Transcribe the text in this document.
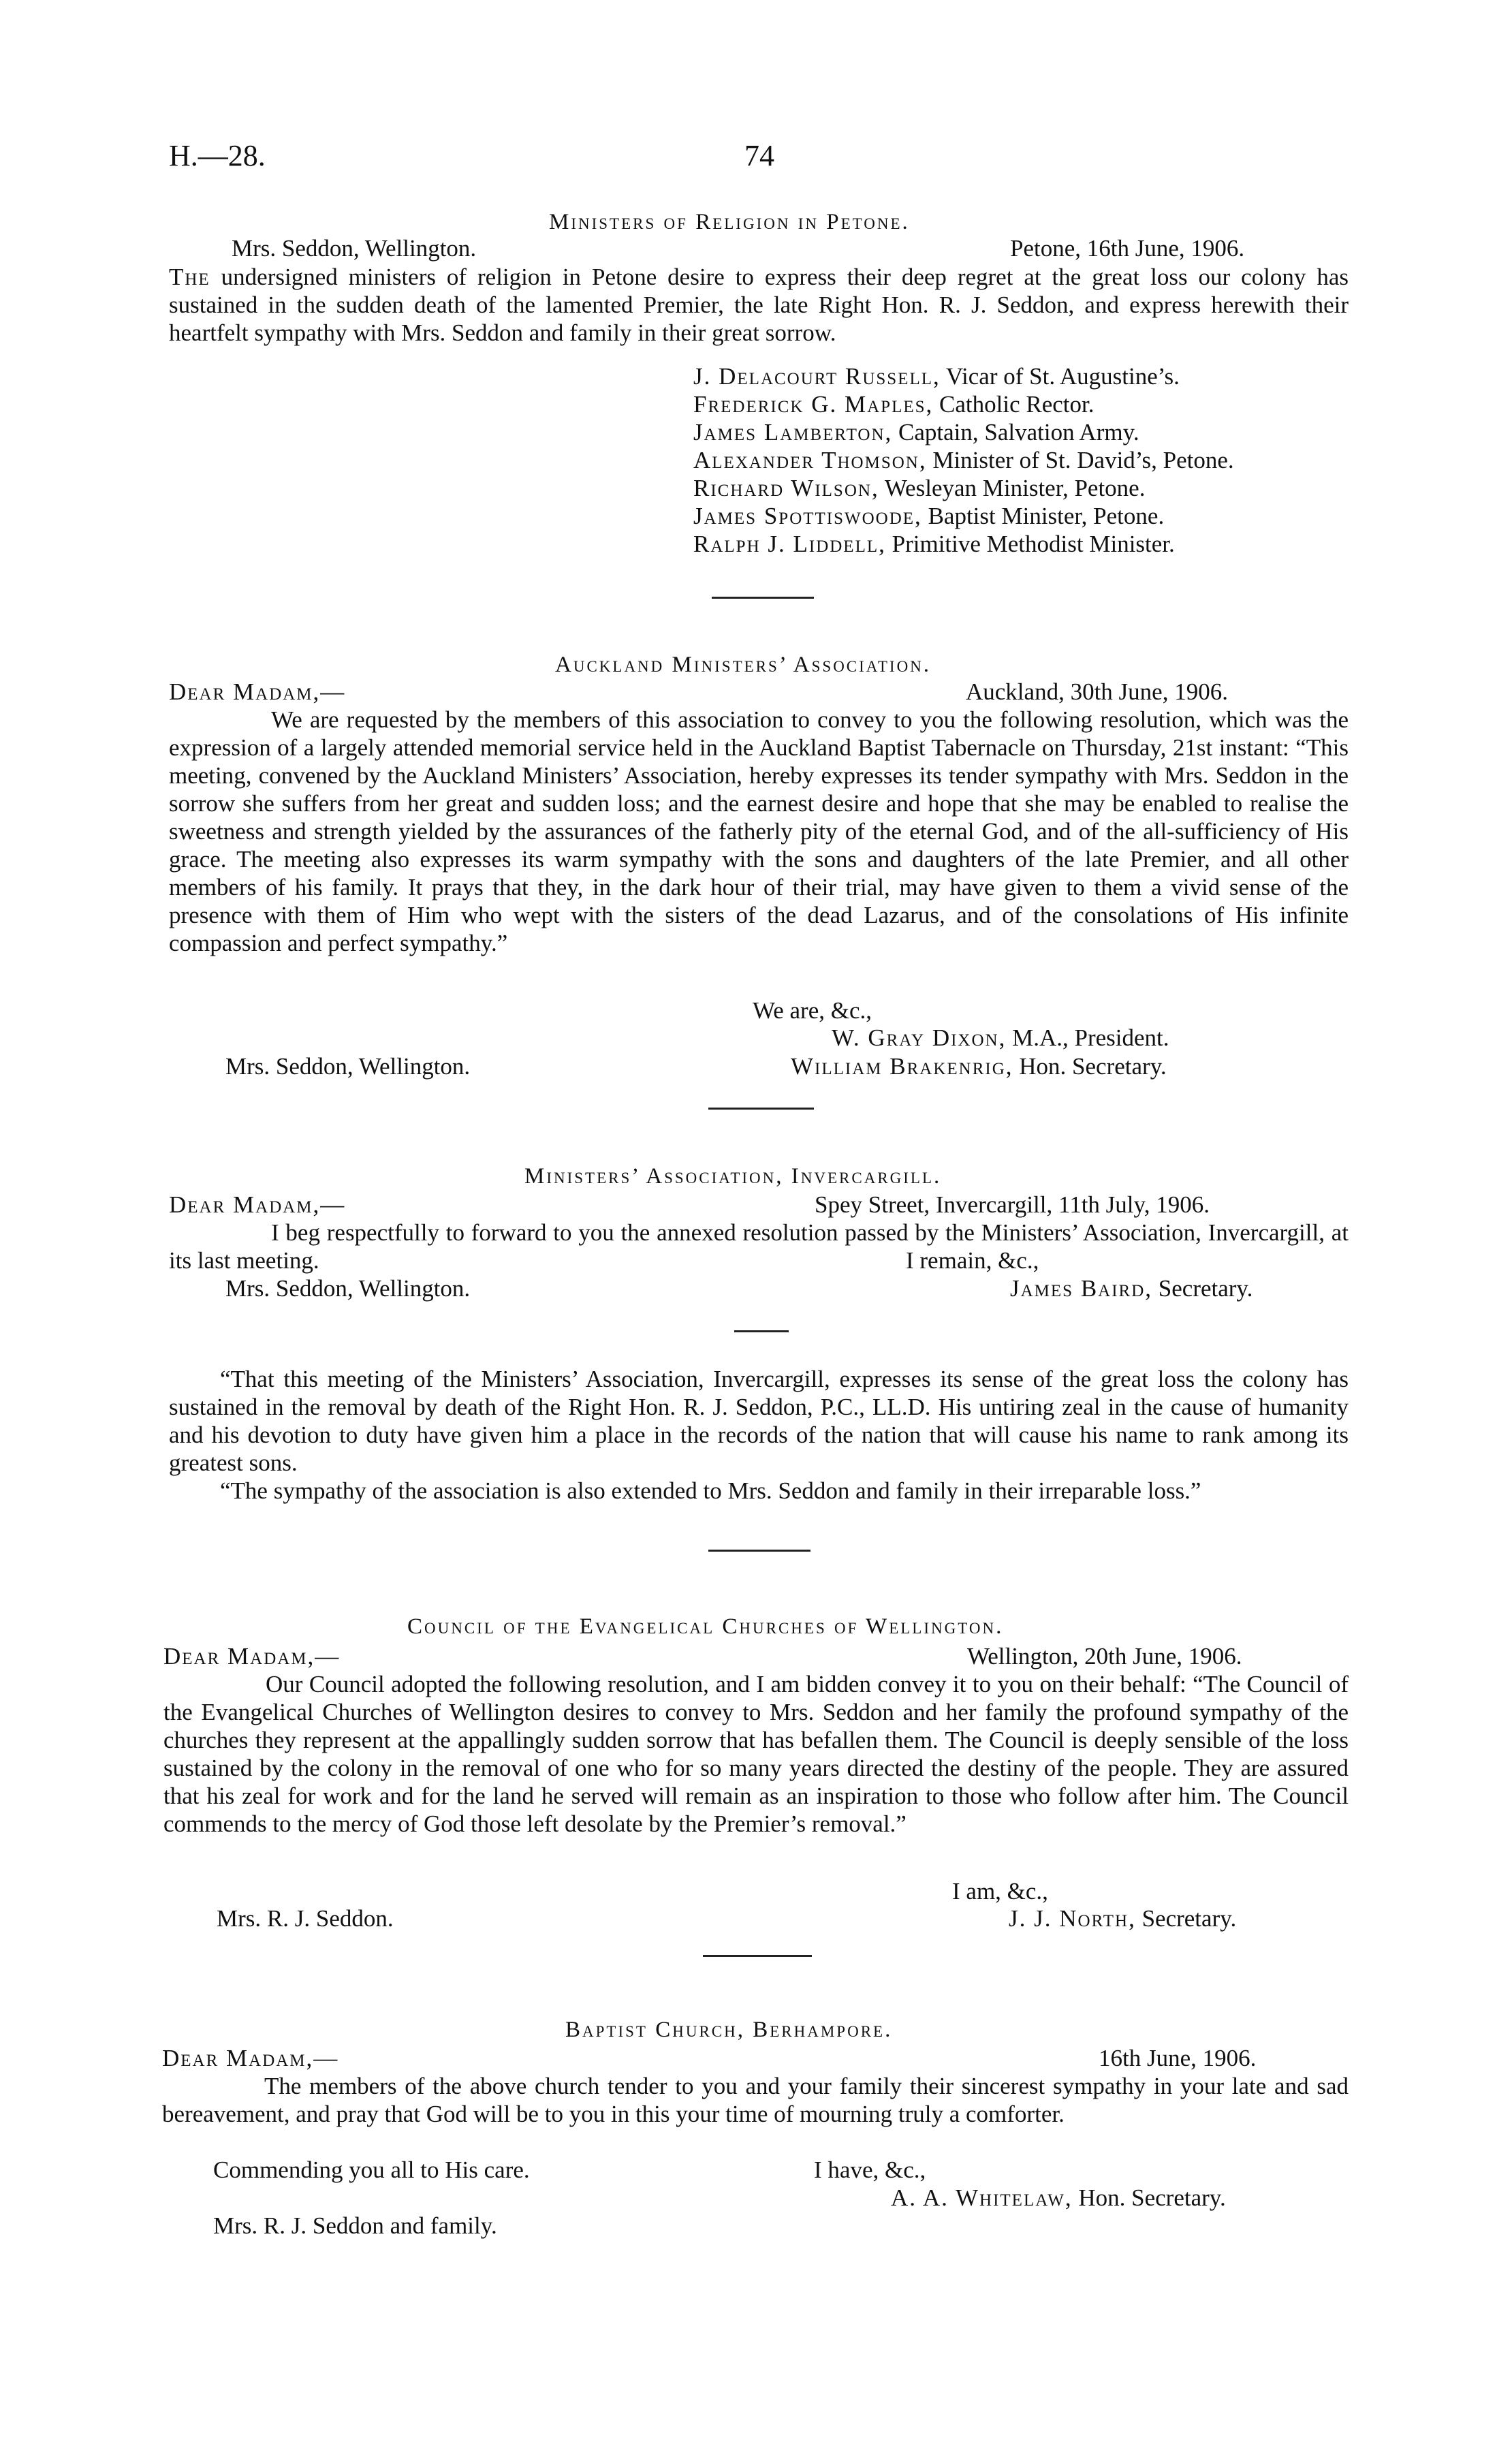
H.—28.	74
Ministers of Religion in Petone.
Mrs. Seddon, Wellington.	Petone, 16th June, 1906.
The undersigned ministers of religion in Petone desire to express their deep regret at the great loss our colony has sustained in the sudden death of the lamented Premier, the late Right Hon. R. J. Seddon, and express herewith their heartfelt sympathy with Mrs. Seddon and family in their great sorrow.
J. Delacourt Russell, Vicar of St. Augustine’s.
Frederick G. Maples, Catholic Rector.
James Lamberton, Captain, Salvation Army.
Alexander Thomson, Minister of St. David’s, Petone.
Richard Wilson, Wesleyan Minister, Petone.
James Spottiswoode, Baptist Minister, Petone.
Ralph J. Liddell, Primitive Methodist Minister.
Auckland Ministers’ Association.
Dear Madam,—	Auckland, 30th June, 1906.
We are requested by the members of this association to convey to you the following resolution, which was the expression of a largely attended memorial service held in the Auckland Baptist Tabernacle on Thursday, 21st instant: “This meeting, convened by the Auckland Ministers’ Association, hereby expresses its tender sympathy with Mrs. Seddon in the sorrow she suffers from her great and sudden loss; and the earnest desire and hope that she may be enabled to realise the sweetness and strength yielded by the assurances of the fatherly pity of the eternal God, and of the all-sufficiency of His grace. The meeting also expresses its warm sympathy with the sons and daughters of the late Premier, and all other members of his family. It prays that they, in the dark hour of their trial, may have given to them a vivid sense of the presence with them of Him who wept with the sisters of the dead Lazarus, and of the consolations of His infinite compassion and perfect sympathy.”
We are, &c.,
W. Gray Dixon, M.A., President.
Mrs. Seddon, Wellington.	William Brakenrig, Hon. Secretary.
Ministers’ Association, Invercargill.
Dear Madam,—	Spey Street, Invercargill, 11th July, 1906.
I beg respectfully to forward to you the annexed resolution passed by the Ministers’ Association, Invercargill, at its last meeting.	I remain, &c.,
Mrs. Seddon, Wellington.	James Baird, Secretary.
“That this meeting of the Ministers’ Association, Invercargill, expresses its sense of the great loss the colony has sustained in the removal by death of the Right Hon. R. J. Seddon, P.C., LL.D. His untiring zeal in the cause of humanity and his devotion to duty have given him a place in the records of the nation that will cause his name to rank among its greatest sons.
“The sympathy of the association is also extended to Mrs. Seddon and family in their irreparable loss.”
Council of the Evangelical Churches of Wellington.
Dear Madam,—	Wellington, 20th June, 1906.
Our Council adopted the following resolution, and I am bidden convey it to you on their behalf: “The Council of the Evangelical Churches of Wellington desires to convey to Mrs. Seddon and her family the profound sympathy of the churches they represent at the appallingly sudden sorrow that has befallen them. The Council is deeply sensible of the loss sustained by the colony in the removal of one who for so many years directed the destiny of the people. They are assured that his zeal for work and for the land he served will remain as an inspiration to those who follow after him. The Council commends to the mercy of God those left desolate by the Premier’s removal.”
I am, &c.,
Mrs. R. J. Seddon.	J. J. North, Secretary.
Baptist Church, Berhampore.
Dear Madam,—	16th June, 1906.
The members of the above church tender to you and your family their sincerest sympathy in your late and sad bereavement, and pray that God will be to you in this your time of mourning truly a comforter.
Commending you all to His care.	I have, &c.,
A. A. Whitelaw, Hon. Secretary.
Mrs. R. J. Seddon and family.
